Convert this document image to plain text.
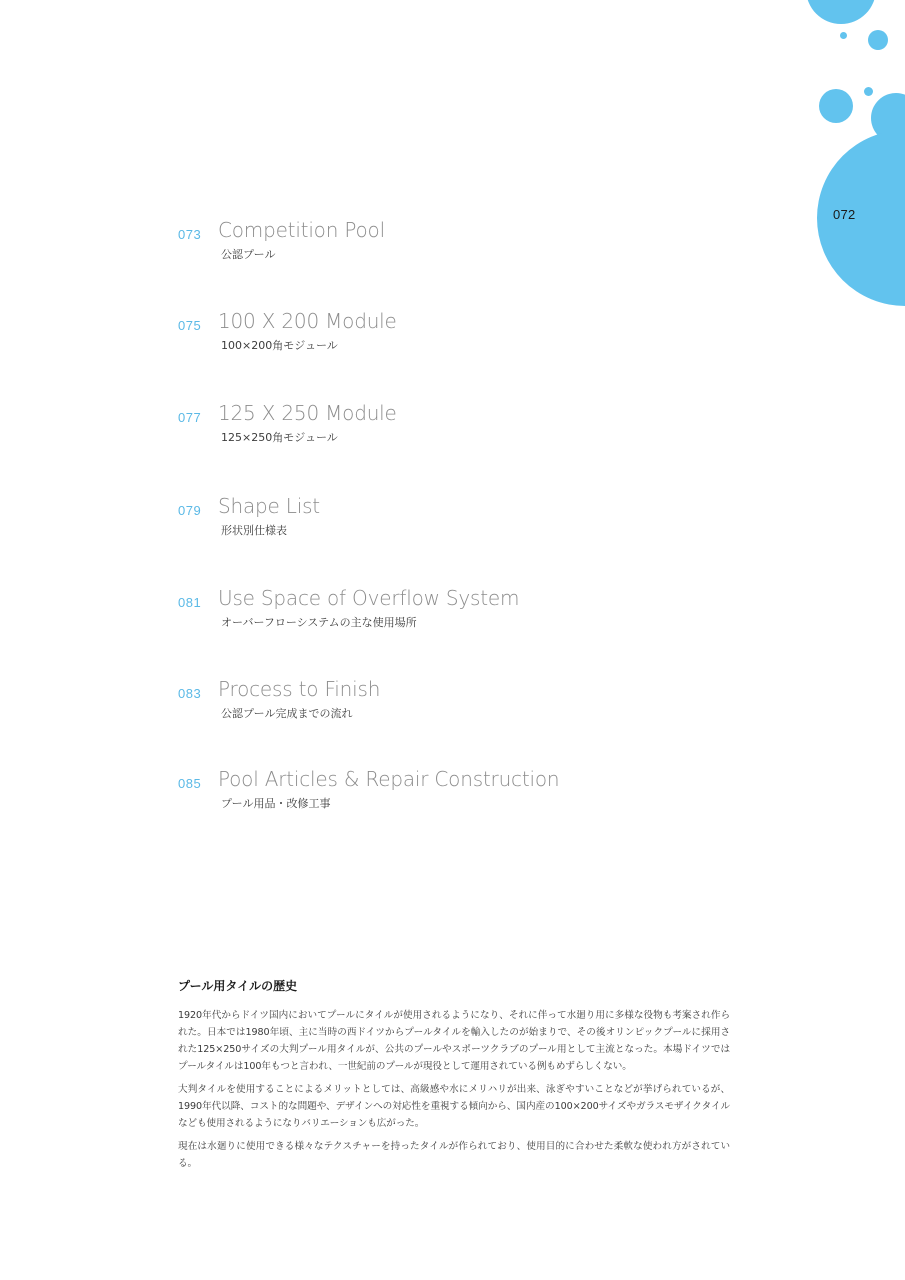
072
073 Competition Pool
公認プール
075 100 X 200 Module
100×200角モジュール
077 125 X 250 Module
125×250角モジュール
079 Shape List
形状別仕様表
081 Use Space of Overflow System
オーバーフローシステムの主な使用場所
083 Process to Finish
公認プール完成までの流れ
085 Pool Articles & Repair Construction
プール用品・改修工事
プール用タイルの歴史

1920年代からドイツ国内においてプールにタイルが使用されるようになり、それに伴って水廻り用に多様な役物も考案され作られた。日本では1980年頃、主に当時の西ドイツからプールタイルを輸入したのが始まりで、その後オリンピックプールに採用された125×250サイズの大判プール用タイルが、公共のプールやスポーツクラブのプール用として主流となった。本場ドイツではプールタイルは100年もつと言われ、一世紀前のプールが現役として運用されている例もめずらしくない。

大判タイルを使用することによるメリットとしては、高級感や水にメリハリが出来、泳ぎやすいことなどが挙げられているが、1990年代以降、コスト的な問題や、デザインへの対応性を重視する傾向から、国内産の100×200サイズやガラスモザイクタイルなども使用されるようになりバリエーションも広がった。

現在は水廻りに使用できる様々なテクスチャーを持ったタイルが作られており、使用目的に合わせた柔軟な使われ方がされている。
